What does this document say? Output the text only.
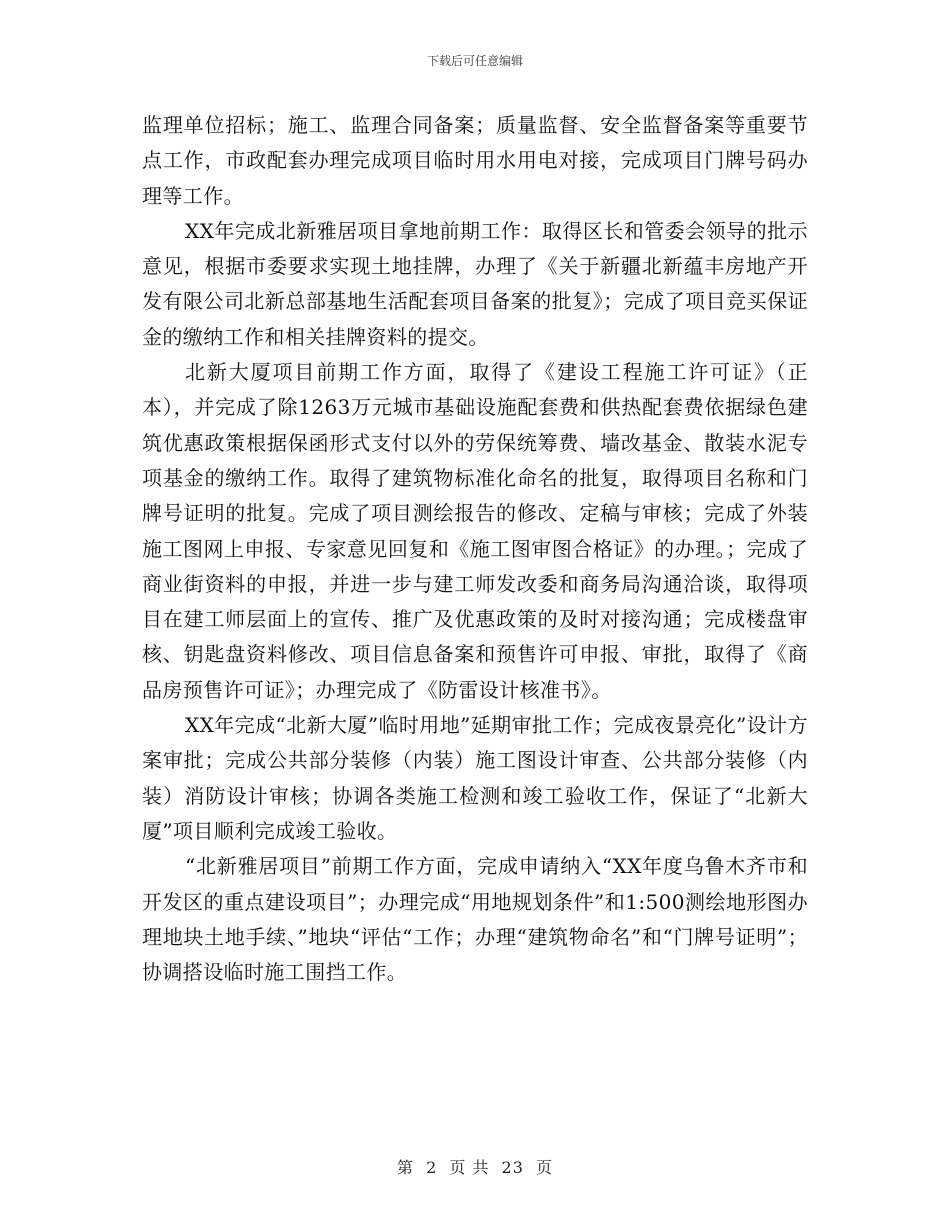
下载后可任意编辑

监理单位招标；施工、监理合同备案；质量监督、安全监督备案等重要节点工作，市政配套办理完成项目临时用水用电对接，完成项目门牌号码办理等工作。

XX年完成北新雅居项目拿地前期工作：取得区长和管委会领导的批示意见，根据市委要求实现土地挂牌，办理了《关于新疆北新蕴丰房地产开发有限公司北新总部基地生活配套项目备案的批复》；完成了项目竞买保证金的缴纳工作和相关挂牌资料的提交。

北新大厦项目前期工作方面，取得了《建设工程施工许可证》（正本），并完成了除1263万元城市基础设施配套费和供热配套费依据绿色建筑优惠政策根据保函形式支付以外的劳保统筹费、墙改基金、散装水泥专项基金的缴纳工作。取得了建筑物标准化命名的批复，取得项目名称和门牌号证明的批复。完成了项目测绘报告的修改、定稿与审核；完成了外装施工图网上申报、专家意见回复和《施工图审图合格证》的办理。；完成了商业街资料的申报，并进一步与建工师发改委和商务局沟通洽谈，取得项目在建工师层面上的宣传、推广及优惠政策的及时对接沟通；完成楼盘审核、钥匙盘资料修改、项目信息备案和预售许可申报、审批，取得了《商品房预售许可证》；办理完成了《防雷设计核准书》。

XX年完成“北新大厦”临时用地”延期审批工作；完成夜景亮化”设计方案审批；完成公共部分装修（内装）施工图设计审查、公共部分装修（内装）消防设计审核；协调各类施工检测和竣工验收工作，保证了“北新大厦”项目顺利完成竣工验收。

“北新雅居项目”前期工作方面，完成申请纳入“XX年度乌鲁木齐市和开发区的重点建设项目”；办理完成“用地规划条件”和1:500测绘地形图办理地块土地手续、”地块“评估“工作；办理“建筑物命名”和“门牌号证明”；协调搭设临时施工围挡工作。

第 2 页 共 23 页
